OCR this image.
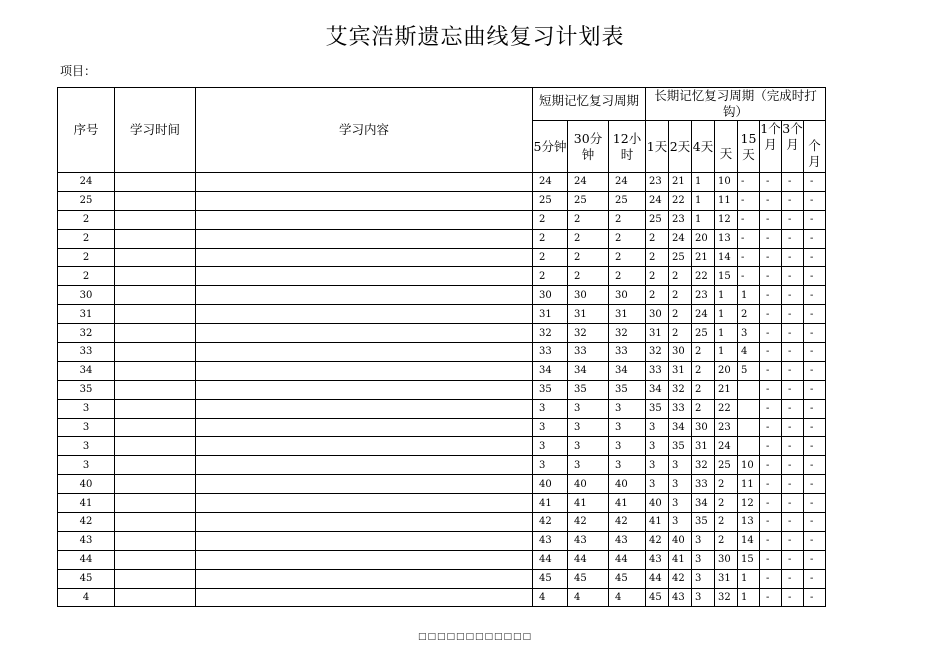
艾宾浩斯遗忘曲线复习计划表
项目：
序号	学习时间	学习内容	短期记忆复习周期			长期记忆复习周期（完成时打钩）							
			5分钟	30分钟	12小时	1天	2天	4天	天	15天	1个月	3个月	个月
24			24	24	24	23	21	1	10	-	-	-	-
25			25	25	25	24	22	1	11	-	-	-	-
2			2	2	2	25	23	1	12	-	-	-	-
2			2	2	2	2	24	20	13	-	-	-	-
2			2	2	2	2	25	21	14	-	-	-	-
2			2	2	2	2	2	22	15	-	-	-	-
30			30	30	30	2	2	23	1	1	-	-	-
31			31	31	31	30	2	24	1	2	-	-	-
32			32	32	32	31	2	25	1	3	-	-	-
33			33	33	33	32	30	2	1	4	-	-	-
34			34	34	34	33	31	2	20	5	-	-	-
35			35	35	35	34	32	2	21		-	-	-
3			3	3	3	35	33	2	22		-	-	-
3			3	3	3	3	34	30	23		-	-	-
3			3	3	3	3	35	31	24		-	-	-
3			3	3	3	3	3	32	25	10	-	-	-
40			40	40	40	3	3	33	2	11	-	-	-
41			41	41	41	40	3	34	2	12	-	-	-
42			42	42	42	41	3	35	2	13	-	-	-
43			43	43	43	42	40	3	2	14	-	-	-
44			44	44	44	43	41	3	30	15	-	-	-
45			45	45	45	44	42	3	31	1	-	-	-
4			4	4	4	45	43	3	32	1	-	-	-
□□□□□□□□□□□□
